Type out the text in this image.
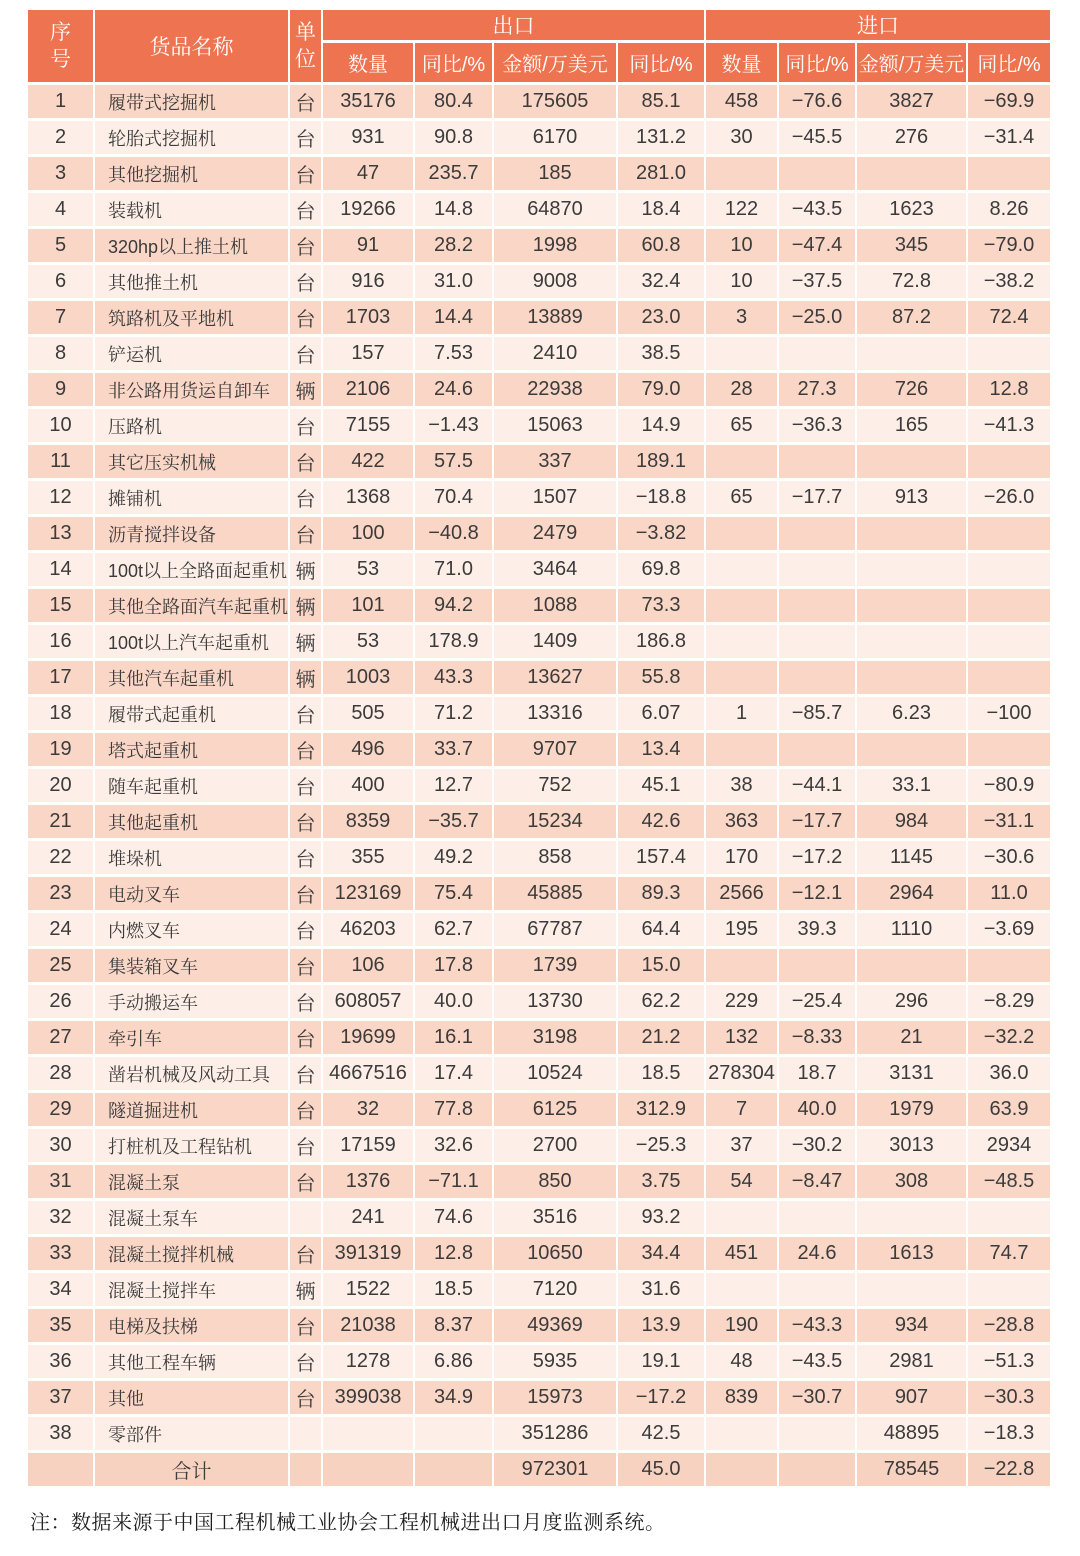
序号	货品名称	单位	出口				进口			
			数量	同比/%	金额/万美元	同比/%	数量	同比/%	金额/万美元	同比/%
1	履带式挖掘机	台	35176	80.4	175605	85.1	458	−76.6	3827	−69.9
2	轮胎式挖掘机	台	931	90.8	6170	131.2	30	−45.5	276	−31.4
3	其他挖掘机	台	47	235.7	185	281.0				
4	装载机	台	19266	14.8	64870	18.4	122	−43.5	1623	8.26
5	320hp以上推土机	台	91	28.2	1998	60.8	10	−47.4	345	−79.0
6	其他推土机	台	916	31.0	9008	32.4	10	−37.5	72.8	−38.2
7	筑路机及平地机	台	1703	14.4	13889	23.0	3	−25.0	87.2	72.4
8	铲运机	台	157	7.53	2410	38.5				
9	非公路用货运自卸车	辆	2106	24.6	22938	79.0	28	27.3	726	12.8
10	压路机	台	7155	−1.43	15063	14.9	65	−36.3	165	−41.3
11	其它压实机械	台	422	57.5	337	189.1				
12	摊铺机	台	1368	70.4	1507	−18.8	65	−17.7	913	−26.0
13	沥青搅拌设备	台	100	−40.8	2479	−3.82				
14	100t以上全路面起重机	辆	53	71.0	3464	69.8				
15	其他全路面汽车起重机	辆	101	94.2	1088	73.3				
16	100t以上汽车起重机	辆	53	178.9	1409	186.8				
17	其他汽车起重机	辆	1003	43.3	13627	55.8				
18	履带式起重机	台	505	71.2	13316	6.07	1	−85.7	6.23	−100
19	塔式起重机	台	496	33.7	9707	13.4				
20	随车起重机	台	400	12.7	752	45.1	38	−44.1	33.1	−80.9
21	其他起重机	台	8359	−35.7	15234	42.6	363	−17.7	984	−31.1
22	堆垛机	台	355	49.2	858	157.4	170	−17.2	1145	−30.6
23	电动叉车	台	123169	75.4	45885	89.3	2566	−12.1	2964	11.0
24	内燃叉车	台	46203	62.7	67787	64.4	195	39.3	1110	−3.69
25	集装箱叉车	台	106	17.8	1739	15.0				
26	手动搬运车	台	608057	40.0	13730	62.2	229	−25.4	296	−8.29
27	牵引车	台	19699	16.1	3198	21.2	132	−8.33	21	−32.2
28	凿岩机械及风动工具	台	4667516	17.4	10524	18.5	278304	18.7	3131	36.0
29	隧道掘进机	台	32	77.8	6125	312.9	7	40.0	1979	63.9
30	打桩机及工程钻机	台	17159	32.6	2700	−25.3	37	−30.2	3013	2934
31	混凝土泵	台	1376	−71.1	850	3.75	54	−8.47	308	−48.5
32	混凝土泵车		241	74.6	3516	93.2				
33	混凝土搅拌机械	台	391319	12.8	10650	34.4	451	24.6	1613	74.7
34	混凝土搅拌车	辆	1522	18.5	7120	31.6				
35	电梯及扶梯	台	21038	8.37	49369	13.9	190	−43.3	934	−28.8
36	其他工程车辆	台	1278	6.86	5935	19.1	48	−43.5	2981	−51.3
37	其他	台	399038	34.9	15973	−17.2	839	−30.7	907	−30.3
38	零部件				351286	42.5			48895	−18.3
	合计				972301	45.0			78545	−22.8

注：数据来源于中国工程机械工业协会工程机械进出口月度监测系统。
